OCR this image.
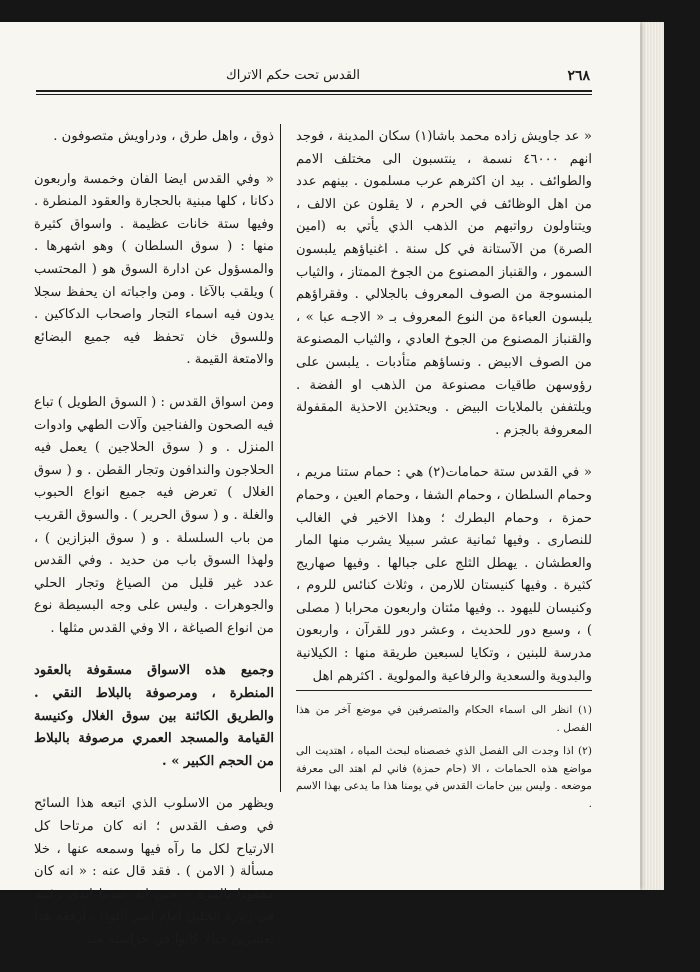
٢٦٨
القدس تحت حكم الاتراك

« عد جاويش زاده محمد باشا(١) سكان المدينة ، فوجد انهم ٤٦٠٠٠ نسمة ، ينتسبون الى مختلف الامم والطوائف . بيد ان اكثرهم عرب مسلمون . بينهم عدد من اهل الوظائف في الحرم ، لا يقلون عن الالف ، ويتناولون رواتبهم من الذهب الذي يأتي به (امين الصرة) من الآستانة في كل سنة . اغنياؤهم يلبسون السمور ، والقنباز المصنوع من الجوخ الممتاز ، والثياب المنسوجة من الصوف المعروف بالجلالي . وفقراؤهم يلبسون العباءة من النوع المعروف بـ « الاجـه عبا » ، والقنباز المصنوع من الجوخ العادي ، والثياب المصنوعة من الصوف الابيض . ونساؤهم متأدبات . يلبسن على رؤوسهن طاقيات مصنوعة من الذهب او الفضة . ويلتففن بالملايات البيض . ويحتذين الاحذية المقفولة المعروفة بالجزم .

« في القدس ستة حمامات(٢) هي : حمام ستنا مريم ، وحمام السلطان ، وحمام الشفا ، وحمام العين ، وحمام حمزة ، وحمام البطرك ؛ وهذا الاخير في الغالب للنصارى . وفيها ثمانية عشر سبيلا يشرب منها المار والعطشان . يهطل الثلج على جبالها . وفيها صهاريج كثيرة . وفيها كنيستان للارمن ، وثلاث كنائس للروم ، وكنيسان لليهود .. وفيها مئتان واربعون محرابا ( مصلى ) ، وسبع دور للحديث ، وعشر دور للقرآن ، واربعون مدرسة للبنين ، وتكايا لسبعين طريقة منها : الكيلانية والبدوية والسعدية والرفاعية والمولوية . اكثرهم اهل

ذوق ، واهل طرق ، ودراويش متصوفون .

« وفي القدس ايضا الفان وخمسة واربعون دكانا ، كلها مبنية بالحجارة والعقود المنطرة . وفيها ستة خانات عظيمة . واسواق كثيرة منها : ( سوق السلطان ) وهو اشهرها . والمسؤول عن ادارة السوق هو ( المحتسب ) ويلقب بالآغا . ومن واجباته ان يحفظ سجلا يدون فيه اسماء التجار واصحاب الدكاكين . وللسوق خان تحفظ فيه جميع البضائع والامتعة القيمة .

ومن اسواق القدس : ( السوق الطويل ) تباع فيه الصحون والفناجين وآلات الطهي وادوات المنزل . و ( سوق الحلاجين ) يعمل فيه الحلاجون والندافون وتجار القطن . و ( سوق الغلال ) تعرض فيه جميع انواع الحبوب والغلة . و ( سوق الحرير ) . والسوق القريب من باب السلسلة . و ( سوق البزازين ) ، ولهذا السوق باب من حديد . وفي القدس عدد غير قليل من الصياغ وتجار الحلي والجوهرات . وليس على وجه البسيطة نوع من انواع الصياغة ، الا وفي القدس مثلها .

وجميع هذه الاسواق مسقوفة بالعقود المنطرة ، ومرصوفة بالبلاط النقي . والطريق الكائنة بين سوق الغلال وكنيسة القيامة والمسجد العمري مرصوفة بالبلاط من الحجم الكبير » .

ويظهر من الاسلوب الذي اتبعه هذا السائح في وصف القدس ؛ انه كان مرتاحا كل الارتياح لكل ما رآه فيها وسمعه عنها ، خلا مسألة ( الامن ) . فقد قال عنه : « انه كان مفقودا بالمرة » حتى انه عندما ابدى رغبته في زيارة الخليل امام امير اللواء ، ارفقه هذا بعشرين خيالا كانوا في حراسته منذ

(١) انظر الى اسماء الحكام والمتصرفين في موضع آخر من هذا الفصل .
(٢) اذا وجدت الى الفصل الذي خصصناه لبحث المياه ، اهتديت الى مواضع هذه الحمامات ، الا (حام حمزة) فاني لم اهتد الى معرفة موضعه . وليس بين حامات القدس في يومنا هذا ما يدعى بهذا الاسم .
